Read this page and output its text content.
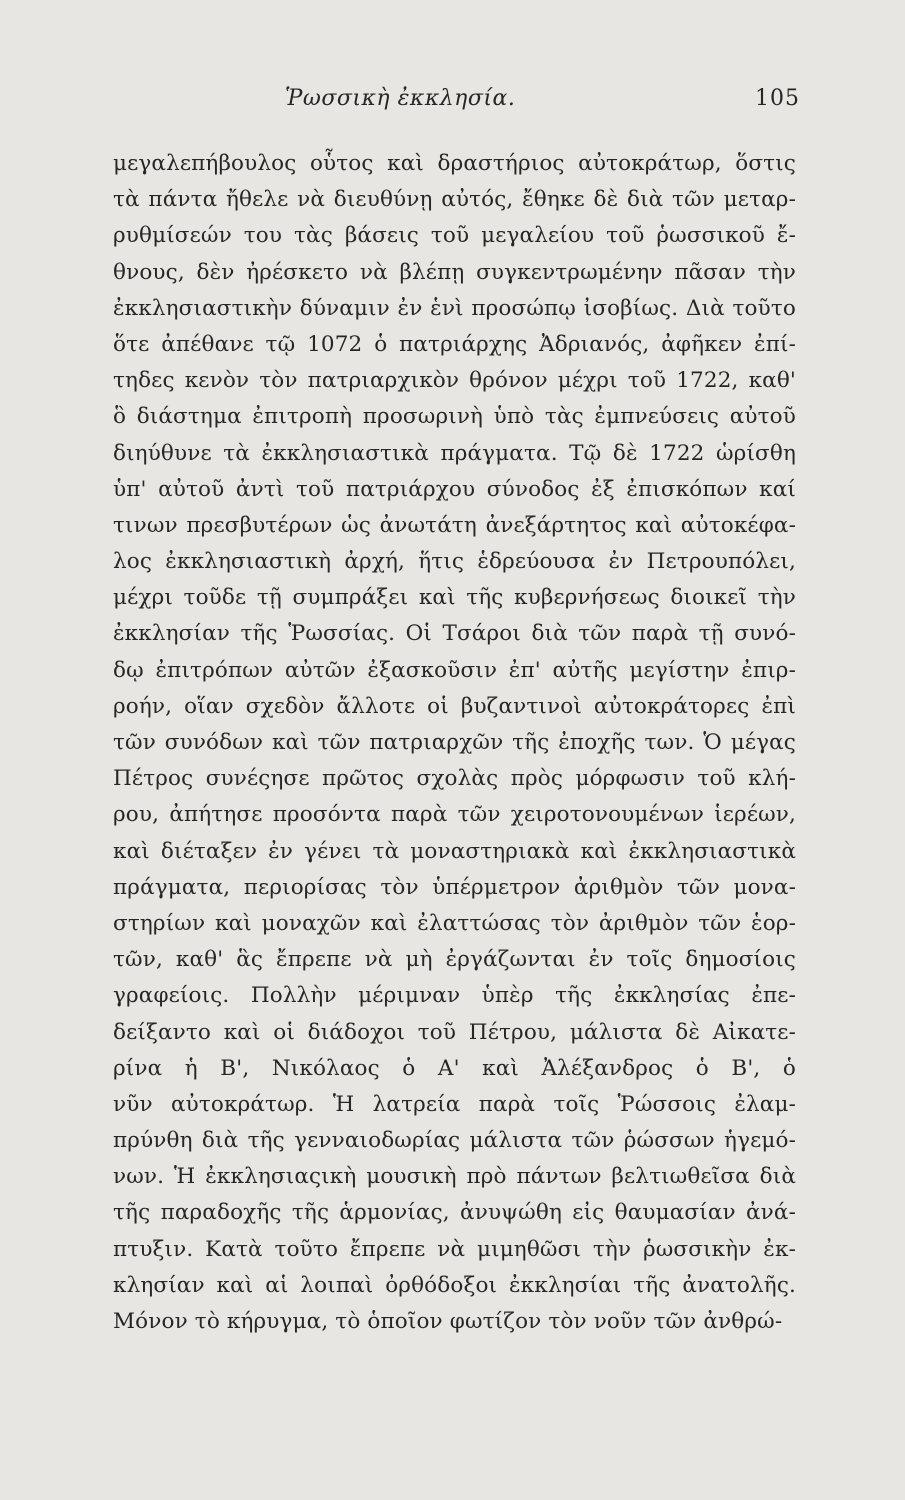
Ῥωσσικὴ ἐκκλησία.	105
μεγαλεπήβουλος οὗτος καὶ δραστήριος αὐτοκράτωρ, ὅστις
τὰ πάντα ἤθελε νὰ διευθύνῃ αὐτός, ἔθηκε δὲ διὰ τῶν μεταρ-
ρυθμίσεών του τὰς βάσεις τοῦ μεγαλείου τοῦ ῥωσσικοῦ ἔ-
θνους, δὲν ἠρέσκετο νὰ βλέπῃ συγκεντρωμένην πᾶσαν τὴν
ἐκκλησιαστικὴν δύναμιν ἐν ἑνὶ προσώπῳ ἰσοβίως. Διὰ τοῦτο
ὅτε ἀπέθανε τῷ 1072 ὁ πατριάρχης Ἀδριανός, ἀφῆκεν ἐπί-
τηδες κενὸν τὸν πατριαρχικὸν θρόνον μέχρι τοῦ 1722, καθ'
ὃ διάστημα ἐπιτροπὴ προσωρινὴ ὑπὸ τὰς ἐμπνεύσεις αὐτοῦ
διηύθυνε τὰ ἐκκλησιαστικὰ πράγματα. Τῷ δὲ 1722 ὡρίσθη
ὑπ' αὐτοῦ ἀντὶ τοῦ πατριάρχου σύνοδος ἐξ ἐπισκόπων καί
τινων πρεσβυτέρων ὡς ἀνωτάτη ἀνεξάρτητος καὶ αὐτοκέφα-
λος ἐκκλησιαστικὴ ἀρχή, ἥτις ἑδρεύουσα ἐν Πετρουπόλει,
μέχρι τοῦδε τῇ συμπράξει καὶ τῆς κυβερνήσεως διοικεῖ τὴν
ἐκκλησίαν τῆς Ῥωσσίας. Οἱ Τσάροι διὰ τῶν παρὰ τῇ συνό-
δῳ ἐπιτρόπων αὐτῶν ἐξασκοῦσιν ἐπ' αὐτῆς μεγίστην ἐπιρ-
ροήν, οἵαν σχεδὸν ἄλλοτε οἱ βυζαντινοὶ αὐτοκράτορες ἐπὶ
τῶν συνόδων καὶ τῶν πατριαρχῶν τῆς ἐποχῆς των. Ὁ μέγας
Πέτρος συνέςησε πρῶτος σχολὰς πρὸς μόρφωσιν τοῦ κλή-
ρου, ἀπήτησε προσόντα παρὰ τῶν χειροτονουμένων ἱερέων,
καὶ διέταξεν ἐν γένει τὰ μοναστηριακὰ καὶ ἐκκλησιαστικὰ
πράγματα, περιορίσας τὸν ὑπέρμετρον ἀριθμὸν τῶν μονα-
στηρίων καὶ μοναχῶν καὶ ἐλαττώσας τὸν ἀριθμὸν τῶν ἑορ-
τῶν, καθ' ἃς ἔπρεπε νὰ μὴ ἐργάζωνται ἐν τοῖς δημοσίοις
γραφείοις. Πολλὴν μέριμναν ὑπὲρ τῆς ἐκκλησίας ἐπε-
δείξαντο καὶ οἱ διάδοχοι τοῦ Πέτρου, μάλιστα δὲ Αἰκατε-
ρίνα ἡ Β', Νικόλαος ὁ Α' καὶ Ἀλέξανδρος ὁ Β', ὁ
νῦν αὐτοκράτωρ. Ἡ λατρεία παρὰ τοῖς Ῥώσσοις ἐλαμ-
πρύνθη διὰ τῆς γενναιοδωρίας μάλιστα τῶν ῥώσσων ἡγεμό-
νων. Ἡ ἐκκλησιαςικὴ μουσικὴ πρὸ πάντων βελτιωθεῖσα διὰ
τῆς παραδοχῆς τῆς ἁρμονίας, ἀνυψώθη εἰς θαυμασίαν ἀνά-
πτυξιν. Κατὰ τοῦτο ἔπρεπε νὰ μιμηθῶσι τὴν ῥωσσικὴν ἐκ-
κλησίαν καὶ αἱ λοιπαὶ ὀρθόδοξοι ἐκκλησίαι τῆς ἀνατολῆς.
Μόνον τὸ κήρυγμα, τὸ ὁποῖον φωτίζον τὸν νοῦν τῶν ἀνθρώ-
